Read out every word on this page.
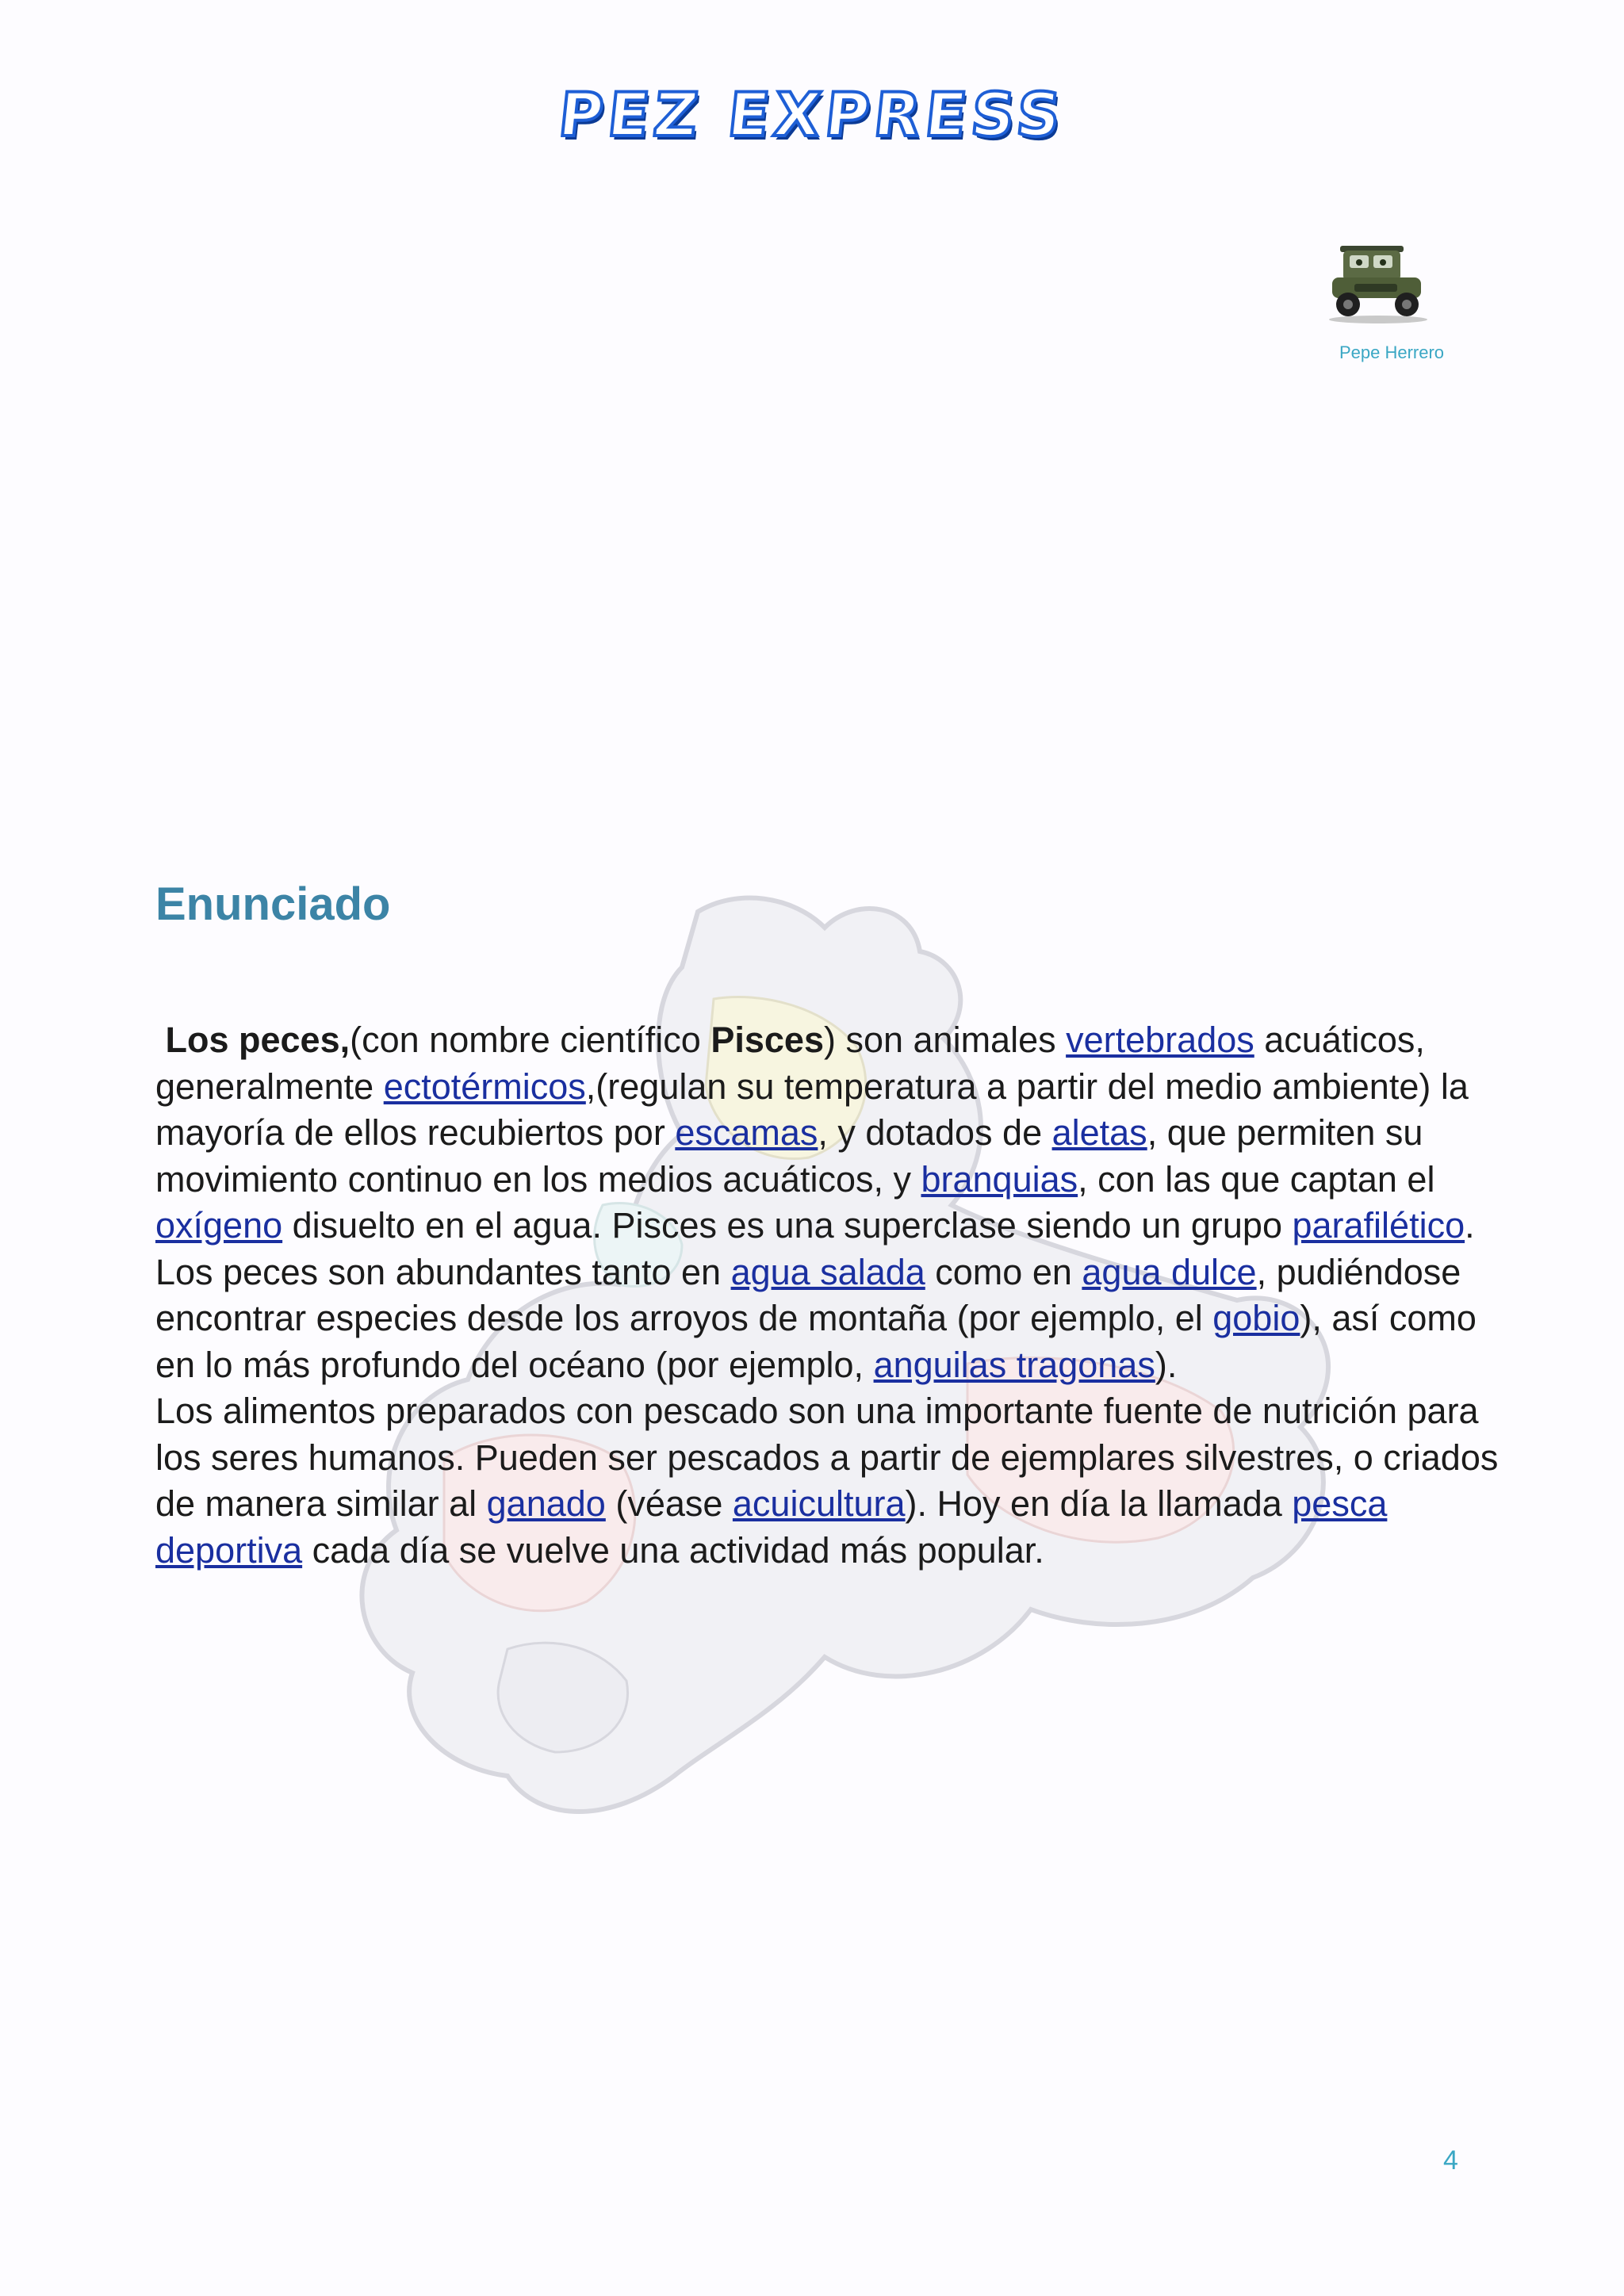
PEZ EXPRESS
Pepe Herrero
Enunciado

Los peces,(con nombre científico Pisces) son animales vertebrados acuáticos, generalmente ectotérmicos,(regulan su temperatura a partir del medio ambiente) la mayoría de ellos recubiertos por escamas, y dotados de aletas, que permiten su movimiento continuo en los medios acuáticos, y branquias, con las que captan el oxígeno disuelto en el agua. Pisces es una superclase siendo un grupo parafilético.

Los peces son abundantes tanto en agua salada como en agua dulce, pudiéndose encontrar especies desde los arroyos de montaña (por ejemplo, el gobio), así como en lo más profundo del océano (por ejemplo, anguilas tragonas).

Los alimentos preparados con pescado son una importante fuente de nutrición para los seres humanos. Pueden ser pescados a partir de ejemplares silvestres, o criados de manera similar al ganado (véase acuicultura). Hoy en día la llamada pesca deportiva cada día se vuelve una actividad más popular.

4
